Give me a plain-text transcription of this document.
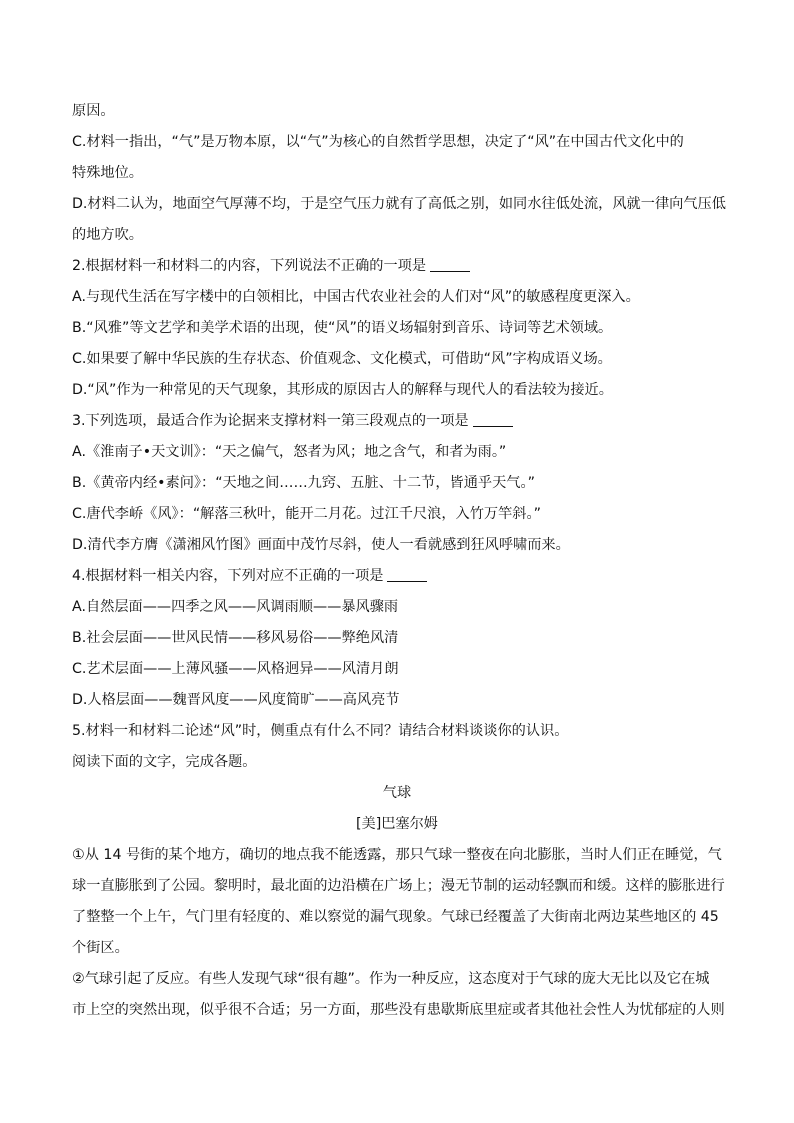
原因。
C.材料一指出，“气”是万物本原，以“气”为核心的自然哲学思想，决定了“风”在中国古代文化中的
特殊地位。
D.材料二认为，地面空气厚薄不均，于是空气压力就有了高低之别，如同水往低处流，风就一律向气压低
的地方吹。
2.根据材料一和材料二的内容，下列说法不正确的一项是
A.与现代生活在写字楼中的白领相比，中国古代农业社会的人们对“风”的敏感程度更深入。
B.“风雅”等文艺学和美学术语的出现，使“风”的语义场辐射到音乐、诗词等艺术领域。
C.如果要了解中华民族的生存状态、价值观念、文化模式，可借助“风”字构成语义场。
D.“风”作为一种常见的天气现象，其形成的原因古人的解释与现代人的看法较为接近。
3.下列选项，最适合作为论据来支撑材料一第三段观点的一项是
A.《淮南子•天文训》：“天之偏气，怒者为风；地之含气，和者为雨。”
B.《黄帝内经•素问》：“天地之间……九窍、五脏、十二节，皆通乎天气。”
C.唐代李峤《风》：“解落三秋叶，能开二月花。过江千尺浪，入竹万竿斜。”
D.清代李方膺《潇湘风竹图》画面中茂竹尽斜，使人一看就感到狂风呼啸而来。
4.根据材料一相关内容，下列对应不正确的一项是
A.自然层面——四季之风——风调雨顺——暴风骤雨
B.社会层面——世风民情——移风易俗——弊绝风清
C.艺术层面——上薄风骚——风格迥异——风清月朗
D.人格层面——魏晋风度——风度简旷——高风亮节
5.材料一和材料二论述“风”时，侧重点有什么不同？请结合材料谈谈你的认识。
阅读下面的文字，完成各题。
气球
[美]巴塞尔姆
①从 14 号街的某个地方，确切的地点我不能透露，那只气球一整夜在向北膨胀，当时人们正在睡觉，气
球一直膨胀到了公园。黎明时，最北面的边沿横在广场上；漫无节制的运动轻飘而和缓。这样的膨胀进行
了整整一个上午，气门里有轻度的、难以察觉的漏气现象。气球已经覆盖了大街南北两边某些地区的 45
个街区。
②气球引起了反应。有些人发现气球“很有趣”。作为一种反应，这态度对于气球的庞大无比以及它在城
市上空的突然出现，似乎很不合适；另一方面，那些没有患歇斯底里症或者其他社会性人为忧郁症的人则
